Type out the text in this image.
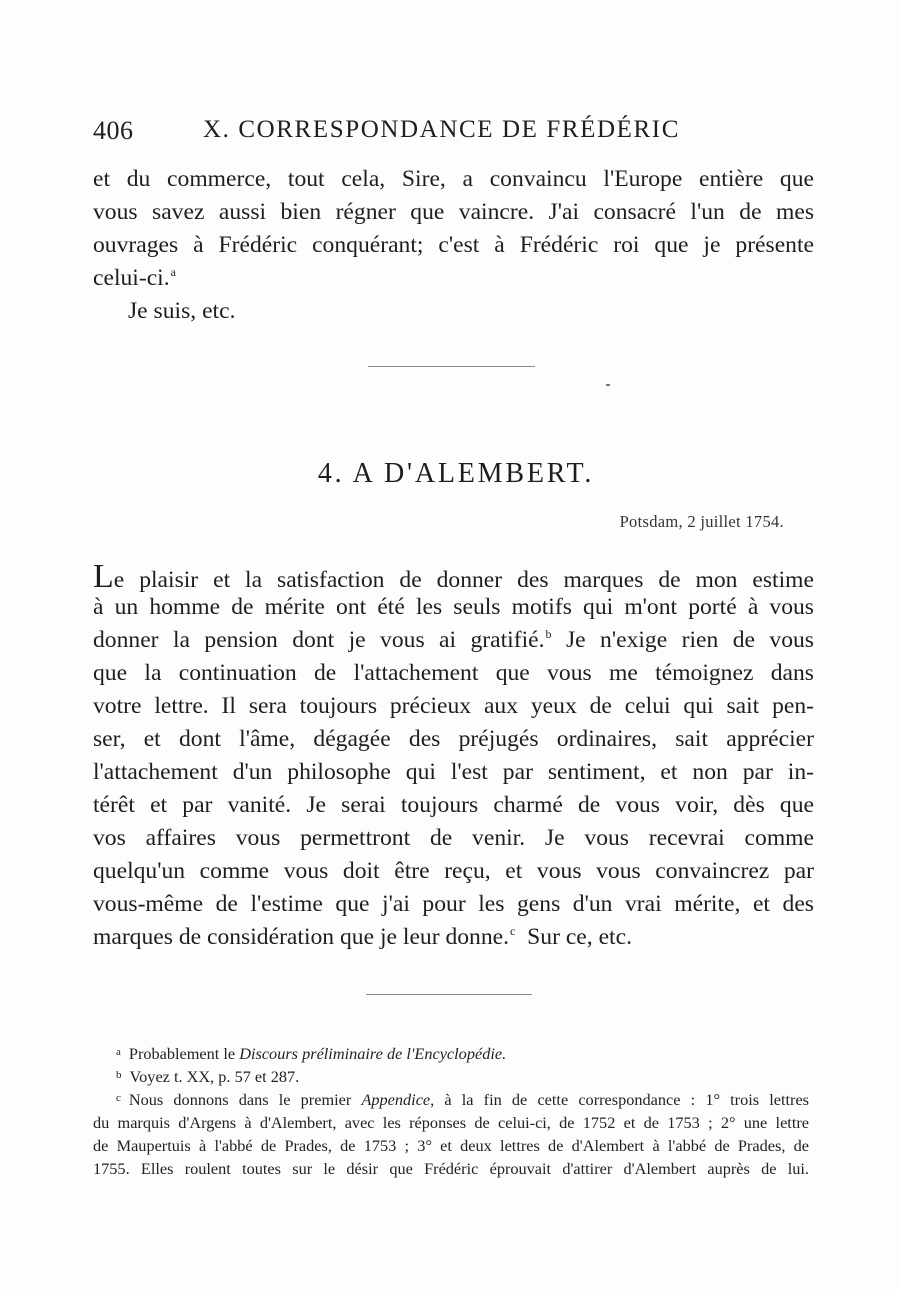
406	X. CORRESPONDANCE DE FRÉDÉRIC
et du commerce, tout cela, Sire, a convaincu l'Europe entière que
vous savez aussi bien régner que vaincre. J'ai consacré l'un de mes
ouvrages à Frédéric conquérant; c'est à Frédéric roi que je présente
celui-ci.$^a$
Je suis, etc.
4. A D'ALEMBERT.
Potsdam, 2 juillet 1754.
Le plaisir et la satisfaction de donner des marques de mon estime
à un homme de mérite ont été les seuls motifs qui m'ont porté à vous
donner la pension dont je vous ai gratifié.$^b$ Je n'exige rien de vous
que la continuation de l'attachement que vous me témoignez dans
votre lettre. Il sera toujours précieux aux yeux de celui qui sait pen-
ser, et dont l'âme, dégagée des préjugés ordinaires, sait apprécier
l'attachement d'un philosophe qui l'est par sentiment, et non par in-
térêt et par vanité. Je serai toujours charmé de vous voir, dès que
vos affaires vous permettront de venir. Je vous recevrai comme
quelqu'un comme vous doit être reçu, et vous vous convaincrez par
vous-même de l'estime que j'ai pour les gens d'un vrai mérite, et des
marques de considération que je leur donne.$^c$ Sur ce, etc.
$^a$ Probablement le Discours préliminaire de l'Encyclopédie.
$^b$ Voyez t. XX, p. 57 et 287.
$^c$ Nous donnons dans le premier Appendice, à la fin de cette correspondance : 1° trois lettres
du marquis d'Argens à d'Alembert, avec les réponses de celui-ci, de 1752 et de 1753 ; 2° une lettre
de Maupertuis à l'abbé de Prades, de 1753 ; 3° et deux lettres de d'Alembert à l'abbé de Prades, de
1755. Elles roulent toutes sur le désir que Frédéric éprouvait d'attirer d'Alembert auprès de lui.
